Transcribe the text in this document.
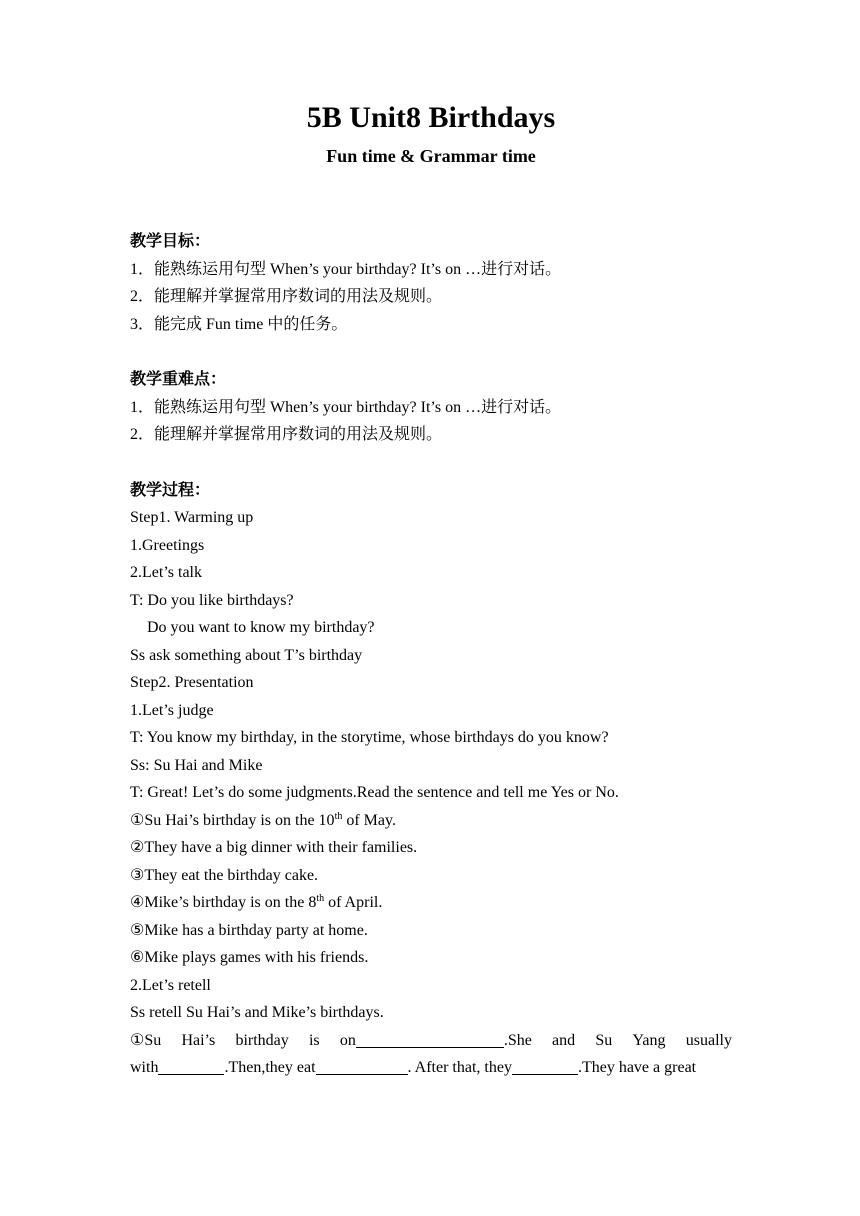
5B Unit8 Birthdays
Fun time & Grammar time
教学目标：
1．能熟练运用句型 When’s your birthday? It’s on …进行对话。
2．能理解并掌握常用序数词的用法及规则。
3．能完成 Fun time 中的任务。
教学重难点：
1．能熟练运用句型 When’s your birthday? It’s on …进行对话。
2．能理解并掌握常用序数词的用法及规则。
教学过程：
Step1. Warming up
1.Greetings
2.Let’s talk
T: Do you like birthdays?
Do you want to know my birthday?
Ss ask something about T’s birthday
Step2. Presentation
1.Let’s judge
T: You know my birthday, in the storytime, whose birthdays do you know?
Ss: Su Hai and Mike
T: Great! Let’s do some judgments.Read the sentence and tell me Yes or No.
①Su Hai’s birthday is on the 10th of May.
②They have a big dinner with their families.
③They eat the birthday cake.
④Mike’s birthday is on the 8th of April.
⑤Mike has a birthday party at home.
⑥Mike plays games with his friends.
2.Let’s retell
Ss retell Su Hai’s and Mike’s birthdays.
①Su Hai’s birthday is on	.She and Su Yang usually
with	.Then,they eat	. After that, they	.They have a great
